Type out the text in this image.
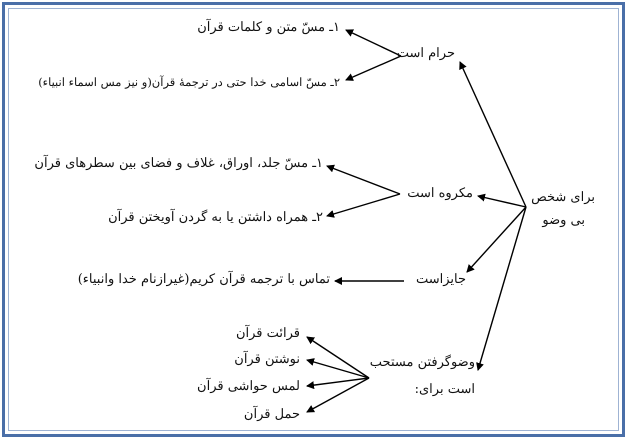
برای شخص
بی وضو
حرام است
۱ـ مسّ متن و کلمات قرآن
۲ـ مسّ اسامی خدا حتی در ترجمهٔ قرآن(و نیز مس اسماء انبیاء)
مکروه است
۱ـ مسّ جلد، اوراق، غلاف و فضای بین سطرهای قرآن
۲ـ همراه داشتن یا به گردن آویختن قرآن
جایزاست
تماس با ترجمه قرآن کریم(غیرازنام خدا وانبیاء)
وضوگرفتن مستحب
است برای:
قرائت قرآن
نوشتن قرآن
لمس حواشی قرآن
حمل قرآن
